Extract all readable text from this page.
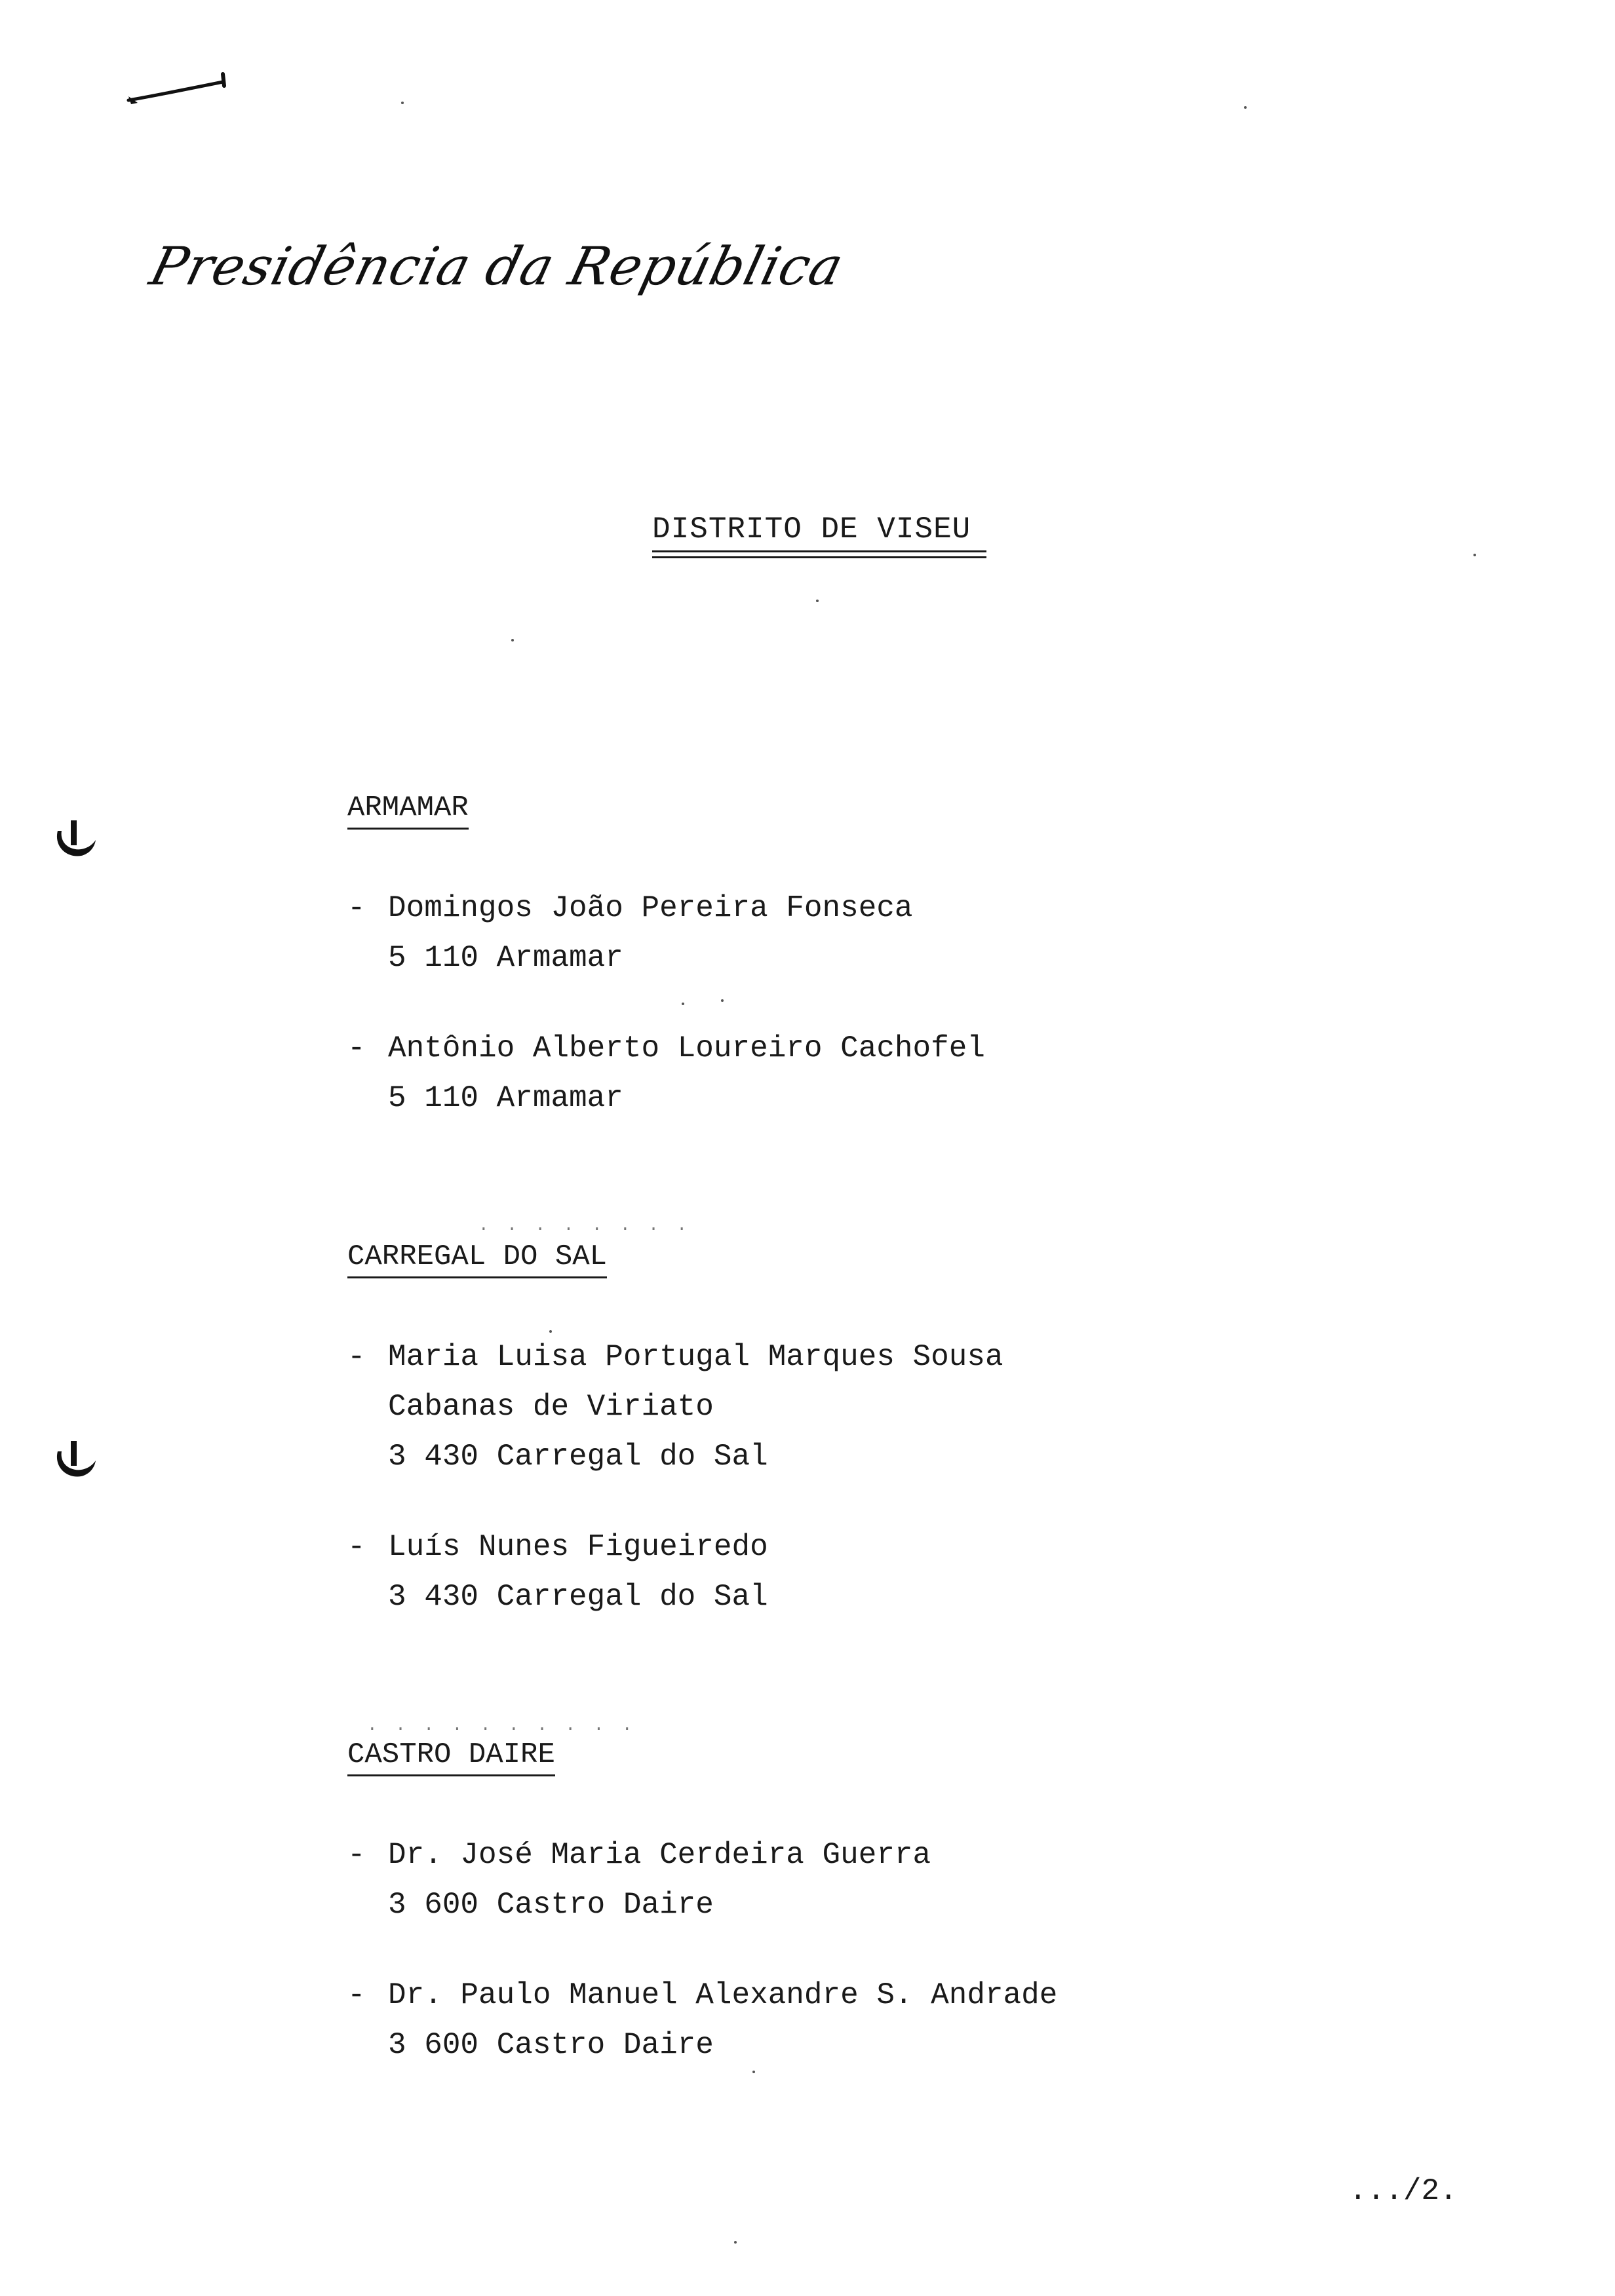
. . . . . . . .
. . . . . . . . . .
Presidência da República
DISTRITO DE VISEU
ARMAMAR
- Domingos João Pereira Fonseca
5 110 Armamar
- Antônio Alberto Loureiro Cachofel
5 110 Armamar
CARREGAL DO SAL
- Maria Luisa Portugal Marques Sousa
Cabanas de Viriato
3 430 Carregal do Sal
- Luís Nunes Figueiredo
3 430 Carregal do Sal
CASTRO DAIRE
- Dr. José Maria Cerdeira Guerra
3 600 Castro Daire
- Dr. Paulo Manuel Alexandre S. Andrade
3 600 Castro Daire
.../2.
